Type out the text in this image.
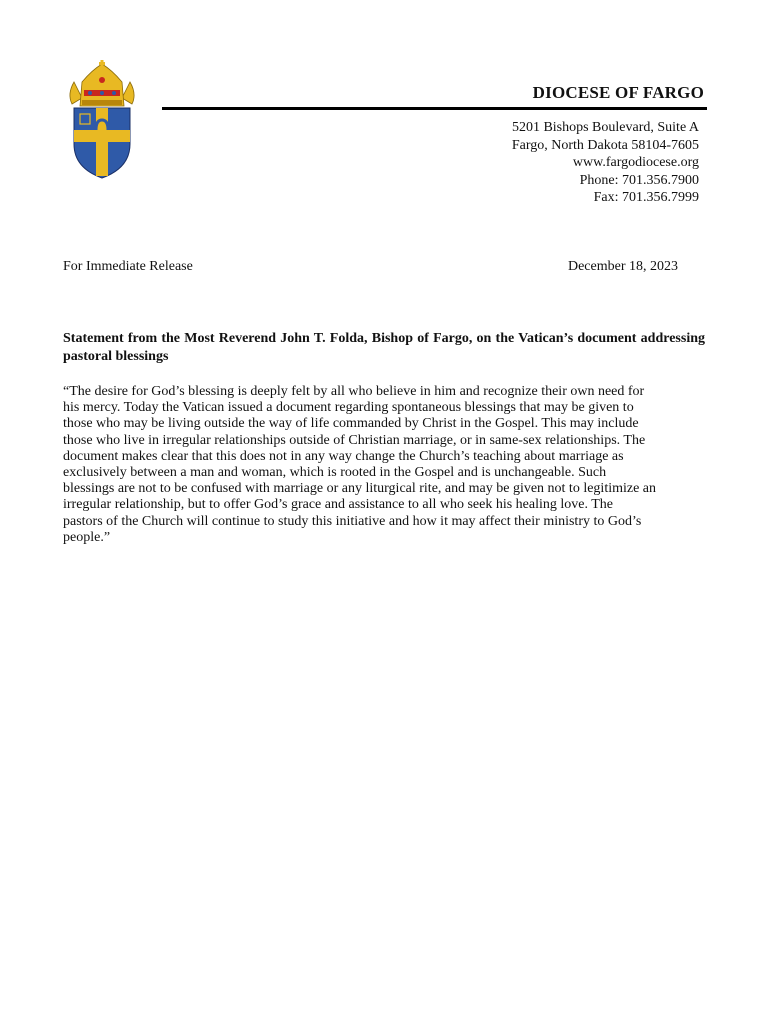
DIOCESE OF FARGO
5201 Bishops Boulevard, Suite A
Fargo, North Dakota 58104-7605
www.fargodiocese.org
Phone: 701.356.7900
Fax: 701.356.7999
For Immediate Release	December 18, 2023
Statement from the Most Reverend John T. Folda, Bishop of Fargo, on the Vatican’s document addressing pastoral blessings
“The desire for God’s blessing is deeply felt by all who believe in him and recognize their own need for
his mercy. Today the Vatican issued a document regarding spontaneous blessings that may be given to
those who may be living outside the way of life commanded by Christ in the Gospel. This may include
those who live in irregular relationships outside of Christian marriage, or in same-sex relationships. The
document makes clear that this does not in any way change the Church’s teaching about marriage as
exclusively between a man and woman, which is rooted in the Gospel and is unchangeable. Such
blessings are not to be confused with marriage or any liturgical rite, and may be given not to legitimize an
irregular relationship, but to offer God’s grace and assistance to all who seek his healing love. The
pastors of the Church will continue to study this initiative and how it may affect their ministry to God’s
people.”
